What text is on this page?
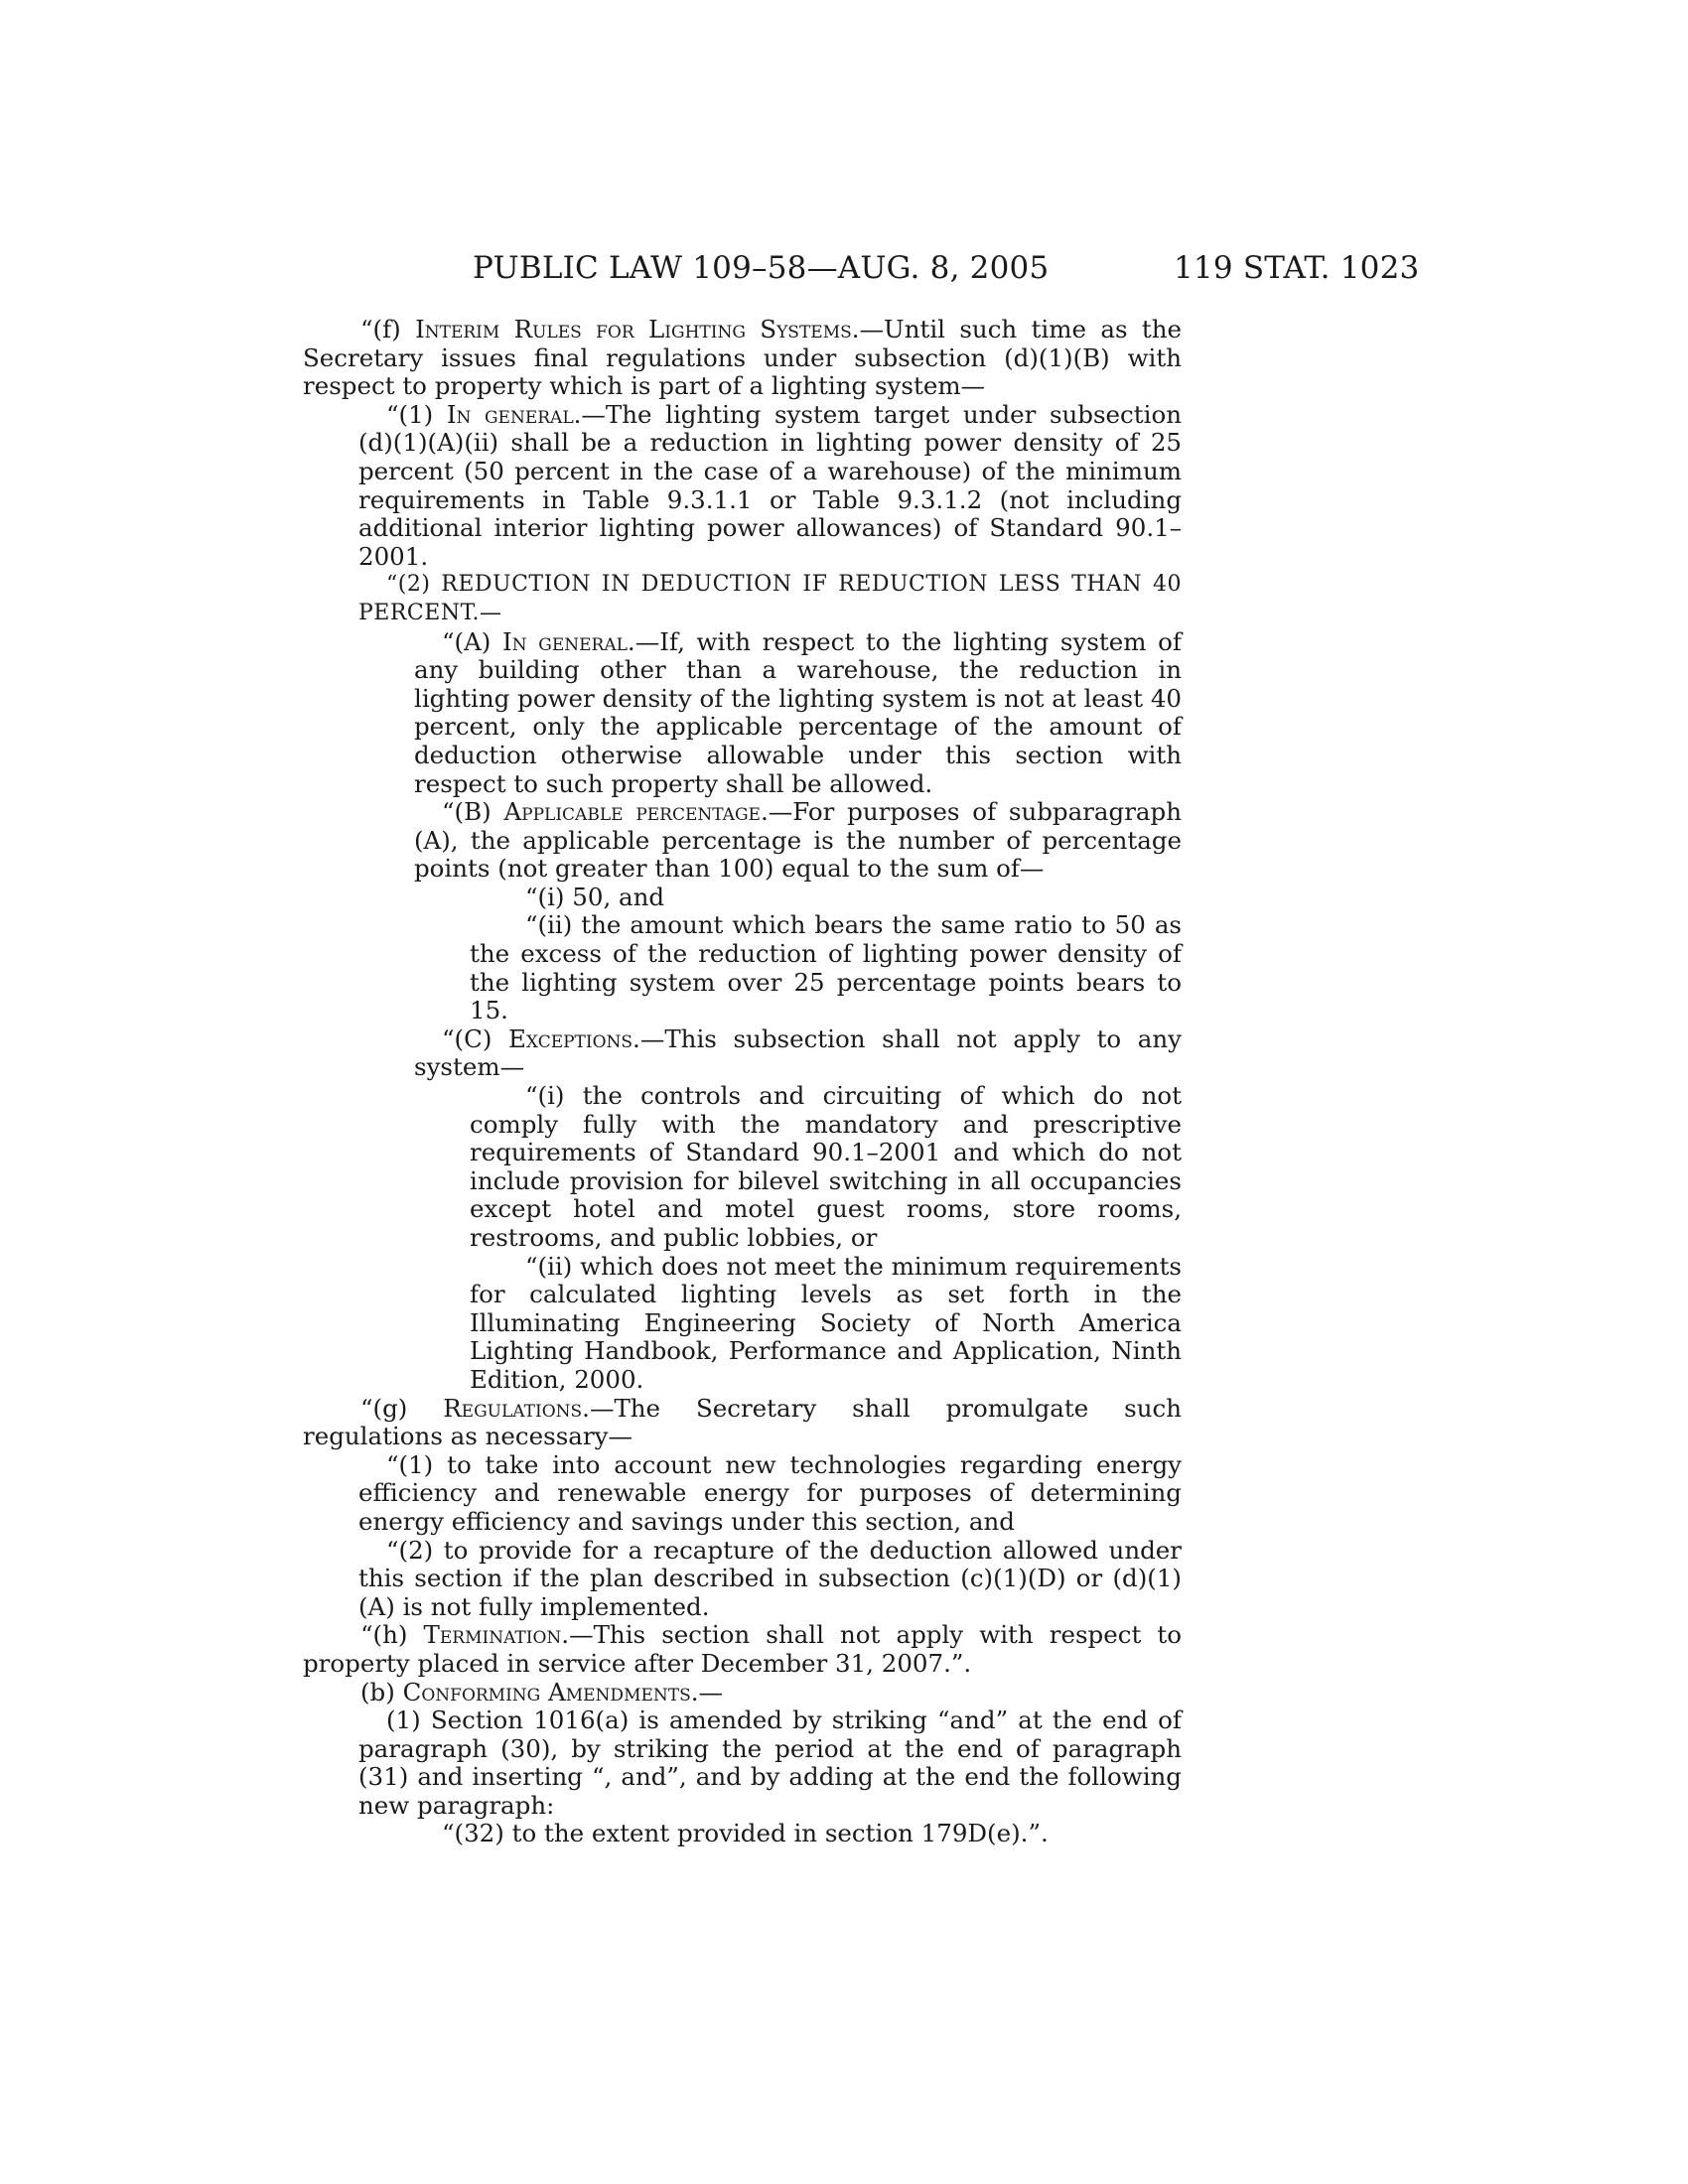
PUBLIC LAW 109–58—AUG. 8, 2005	119 STAT. 1023

“(f) Interim Rules for Lighting Systems.—Until such time as the Secretary issues final regulations under subsection (d)(1)(B) with respect to property which is part of a lighting system—

“(1) In general.—The lighting system target under subsection (d)(1)(A)(ii) shall be a reduction in lighting power density of 25 percent (50 percent in the case of a warehouse) of the minimum requirements in Table 9.3.1.1 or Table 9.3.1.2 (not including additional interior lighting power allowances) of Standard 90.1–2001.

“(2) REDUCTION IN DEDUCTION IF REDUCTION LESS THAN 40 PERCENT.—

“(A) In general.—If, with respect to the lighting system of any building other than a warehouse, the reduction in lighting power density of the lighting system is not at least 40 percent, only the applicable percentage of the amount of deduction otherwise allowable under this section with respect to such property shall be allowed.

“(B) Applicable percentage.—For purposes of subparagraph (A), the applicable percentage is the number of percentage points (not greater than 100) equal to the sum of—

“(i) 50, and

“(ii) the amount which bears the same ratio to 50 as the excess of the reduction of lighting power density of the lighting system over 25 percentage points bears to 15.

“(C) Exceptions.—This subsection shall not apply to any system—

“(i) the controls and circuiting of which do not comply fully with the mandatory and prescriptive requirements of Standard 90.1–2001 and which do not include provision for bilevel switching in all occupancies except hotel and motel guest rooms, store rooms, restrooms, and public lobbies, or

“(ii) which does not meet the minimum requirements for calculated lighting levels as set forth in the Illuminating Engineering Society of North America Lighting Handbook, Performance and Application, Ninth Edition, 2000.

“(g) Regulations.—The Secretary shall promulgate such regulations as necessary—

“(1) to take into account new technologies regarding energy efficiency and renewable energy for purposes of determining energy efficiency and savings under this section, and

“(2) to provide for a recapture of the deduction allowed under this section if the plan described in subsection (c)(1)(D) or (d)(1)(A) is not fully implemented.

“(h) Termination.—This section shall not apply with respect to property placed in service after December 31, 2007.”.

(b) Conforming Amendments.—

(1) Section 1016(a) is amended by striking “and” at the end of paragraph (30), by striking the period at the end of paragraph (31) and inserting “, and”, and by adding at the end the following new paragraph:

“(32) to the extent provided in section 179D(e).”.
